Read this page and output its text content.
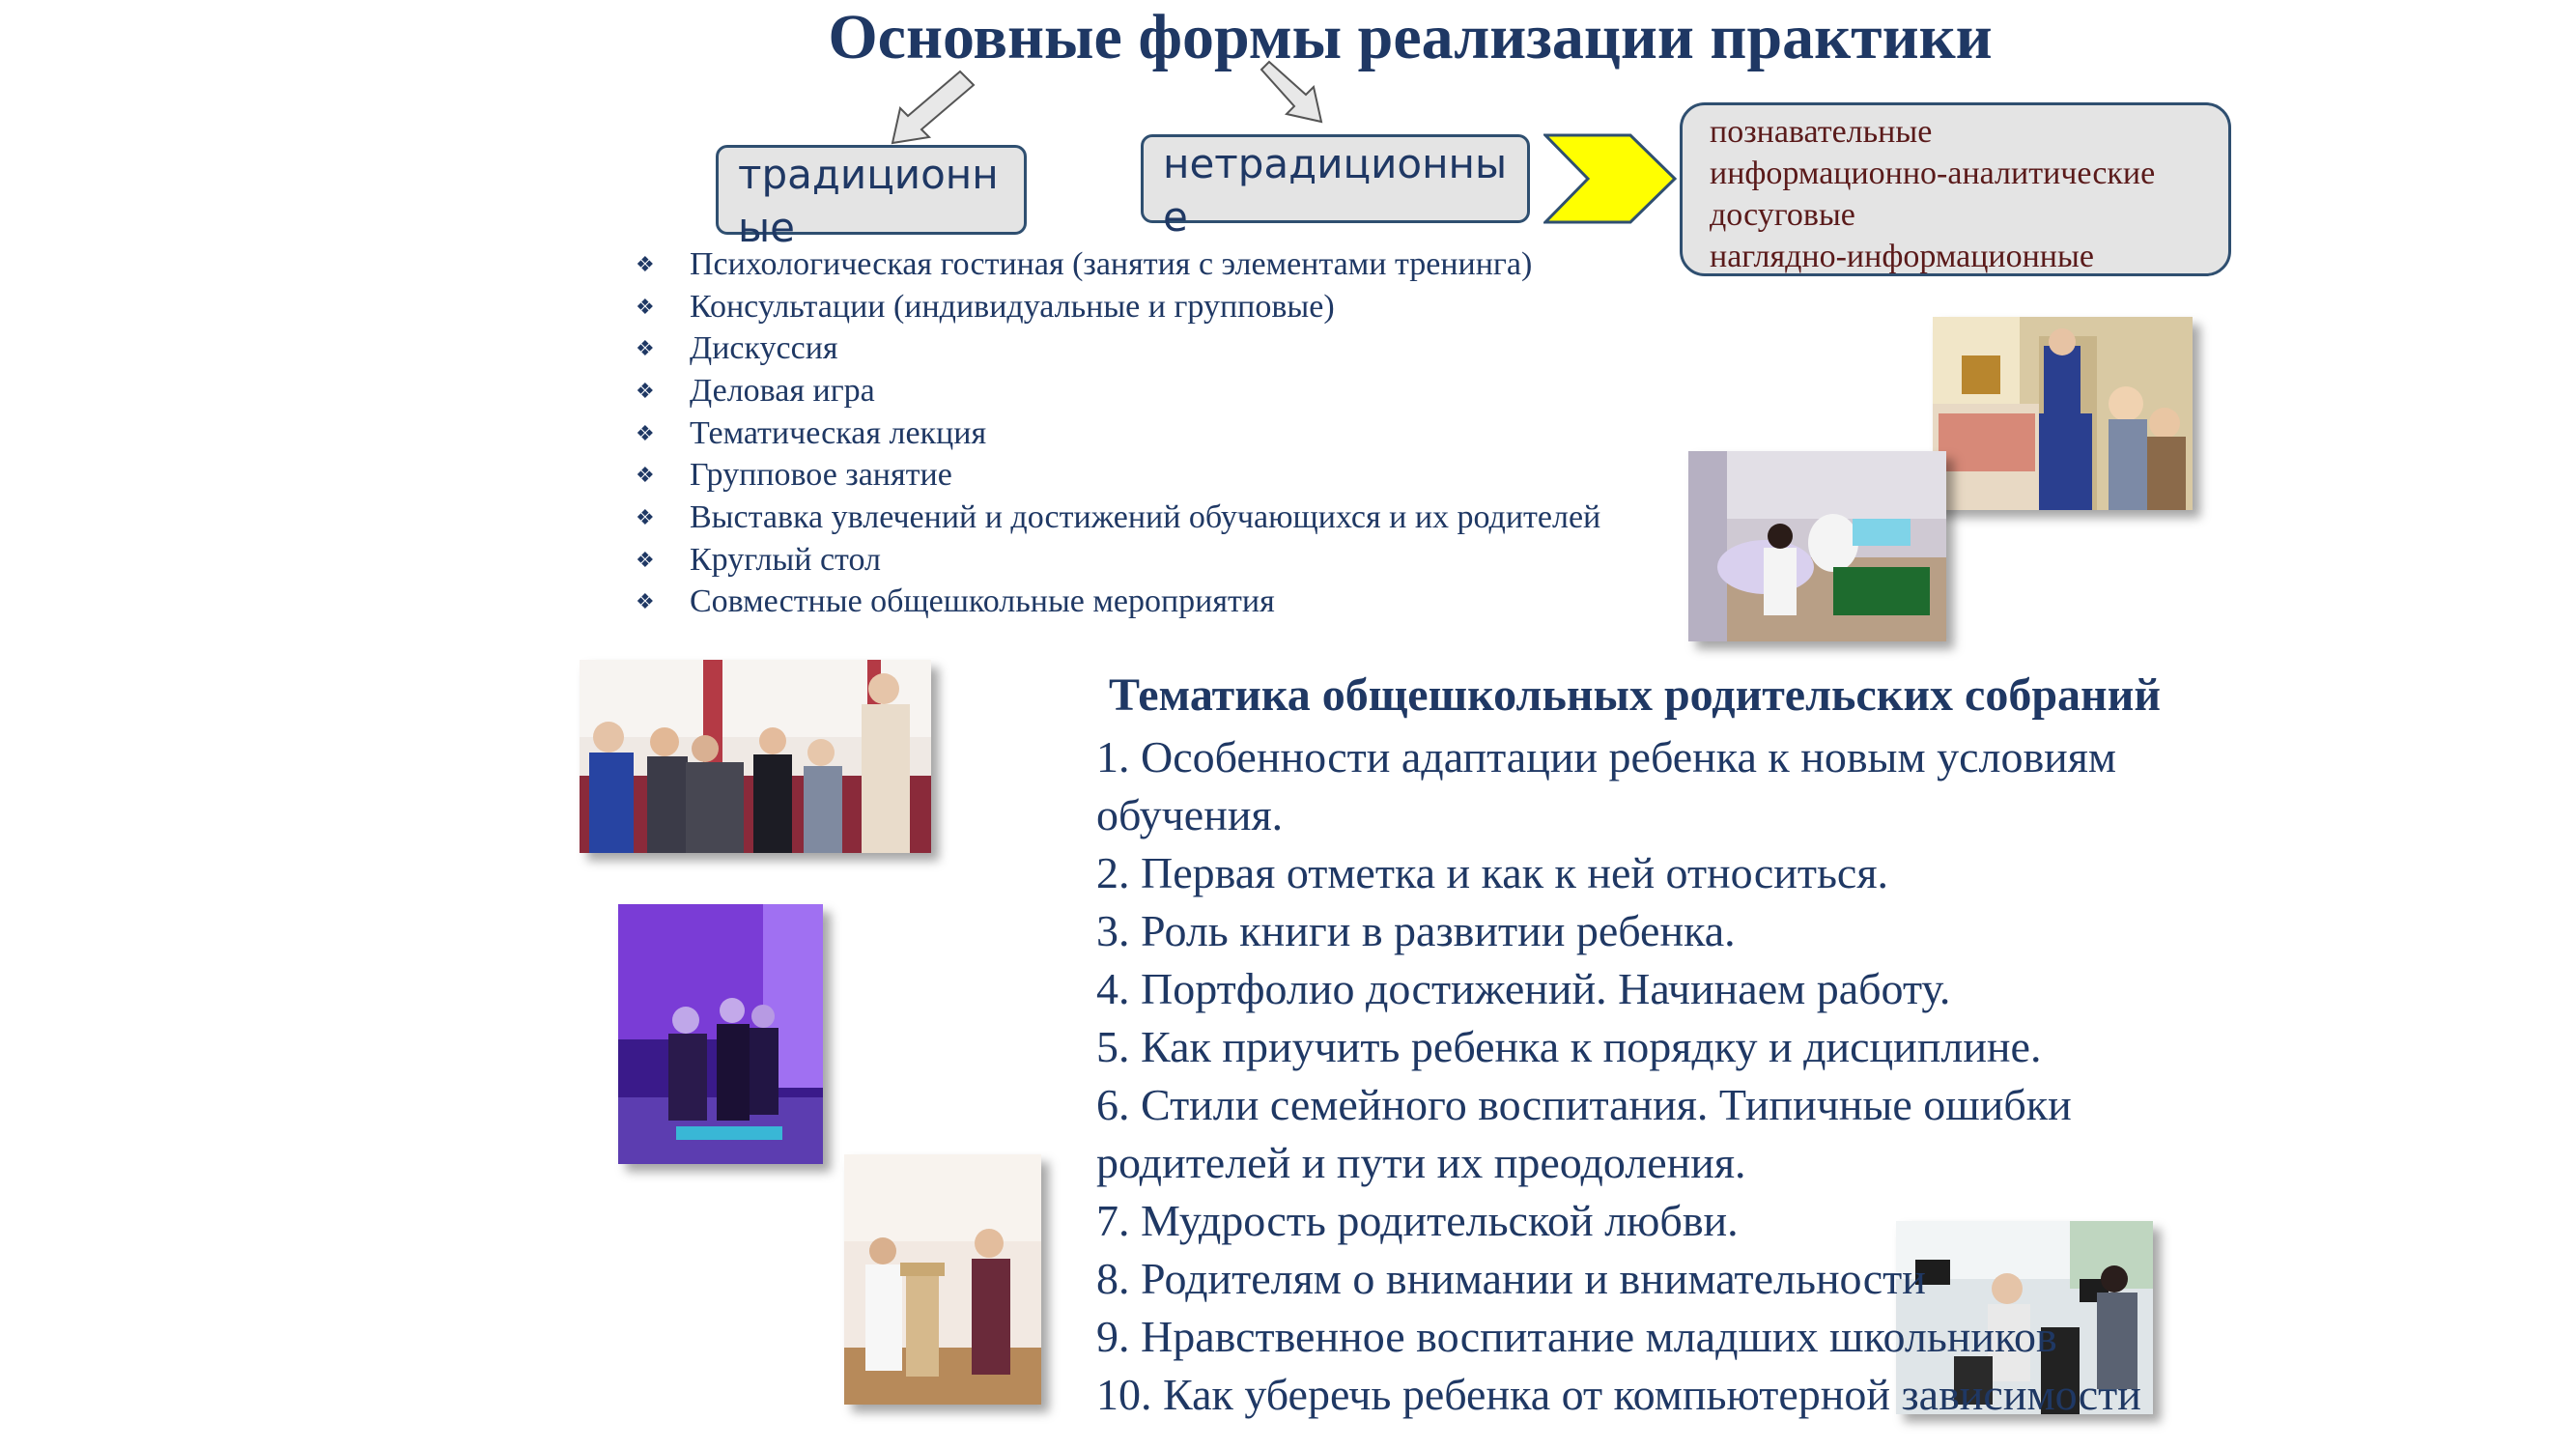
Основные формы реализации практики
традиционные
нетрадиционные
познавательные
информационно-аналитические
досуговые
наглядно-информационные
❖	Психологическая гостиная (занятия с элементами тренинга)
❖	Консультации (индивидуальные и групповые)
❖	Дискуссия
❖	Деловая игра
❖	Тематическая лекция
❖	Групповое занятие
❖	Выставка увлечений и достижений обучающихся и их родителей
❖	Круглый стол
❖	Совместные общешкольные мероприятия
Тематика общешкольных родительских собраний
1. Особенности адаптации ребенка к новым условиям обучения.
2. Первая отметка и как к ней относиться.
3. Роль книги в развитии ребенка.
4. Портфолио достижений. Начинаем работу.
5. Как приучить ребенка к порядку и дисциплине.
6. Стили семейного воспитания. Типичные ошибки родителей и пути их преодоления.
7. Мудрость родительской любви.
8. Родителям о внимании и внимательности
9. Нравственное воспитание младших школьников
10. Как уберечь ребенка от компьютерной зависимости
